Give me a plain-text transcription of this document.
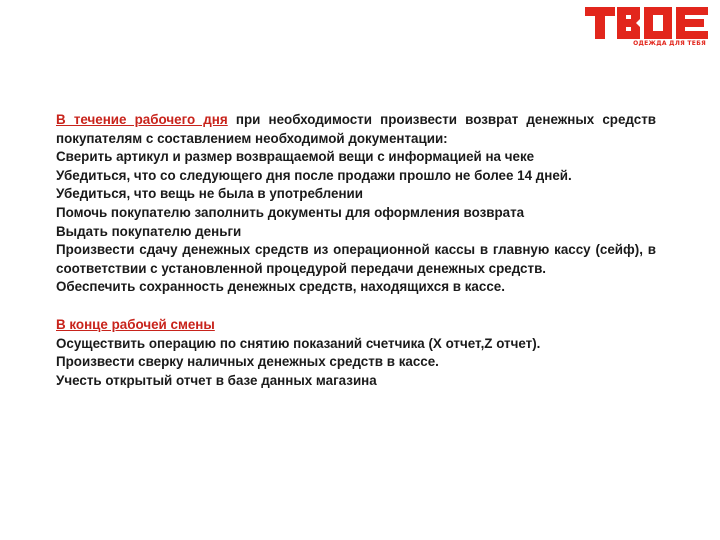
ОДЕЖДА ДЛЯ ТЕБЯ

В течение рабочего дня при необходимости произвести возврат денежных средств покупателям с составлением необходимой документации:

Сверить артикул и размер возвращаемой вещи с информацией на чеке

Убедиться, что со следующего дня после продажи прошло не более 14 дней.

Убедиться, что вещь не была в употреблении

Помочь покупателю заполнить документы для оформления возврата

Выдать покупателю деньги

Произвести сдачу денежных средств из операционной кассы в главную кассу (сейф), в соответствии с установленной процедурой передачи денежных средств.

Обеспечить сохранность денежных средств, находящихся в кассе.

В конце рабочей смены

Осуществить операцию по снятию показаний счетчика (X отчет,Z отчет).

Произвести сверку наличных денежных средств в кассе.

Учесть открытый отчет в базе данных магазина
